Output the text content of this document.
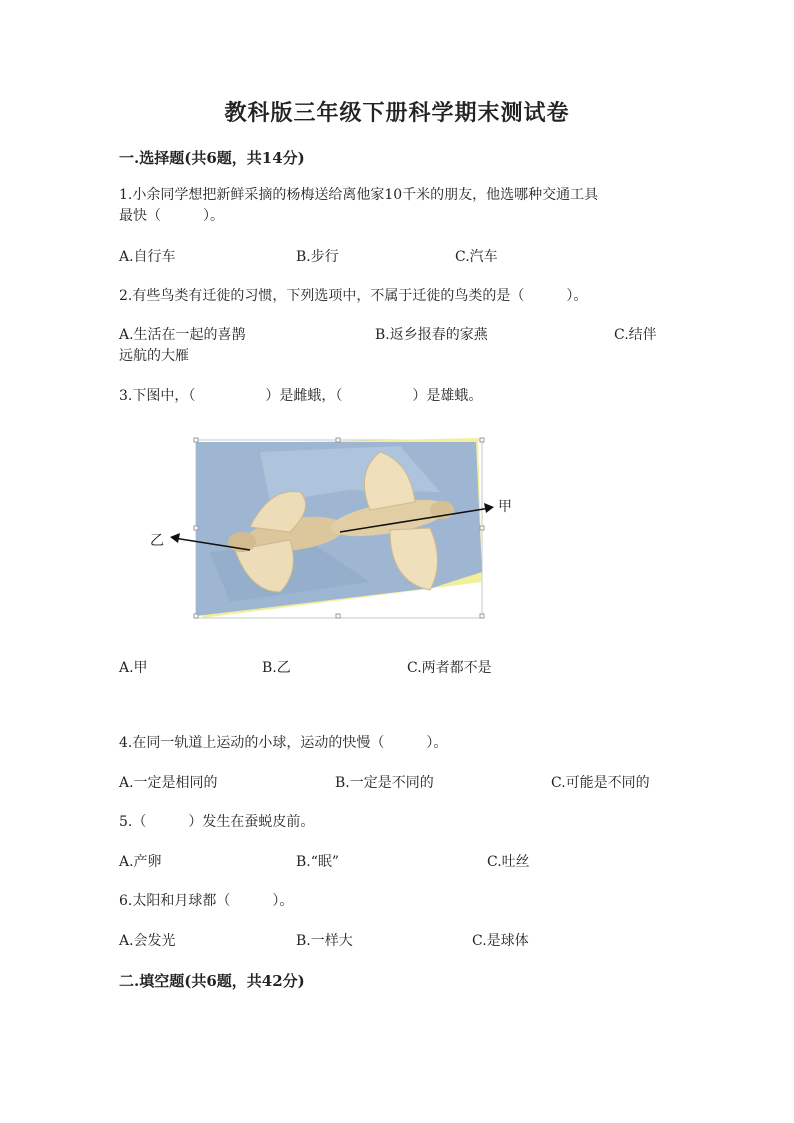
教科版三年级下册科学期末测试卷
一.选择题(共6题，共14分)

1.小余同学想把新鲜采摘的杨梅送给离他家10千米的朋友，他选哪种交通工具

最快（　　　）。

A.自行车	B.步行	C.汽车

2.有些鸟类有迁徙的习惯，下列选项中，不属于迁徙的鸟类的是（　　　）。

A.生活在一起的喜鹊	B.返乡报春的家燕	C.结伴
远航的大雁

3.下图中，（　　　　　）是雌蛾，（　　　　　）是雄蛾。

甲
乙
A.甲	B.乙	C.两者都不是

4.在同一轨道上运动的小球，运动的快慢（　　　）。

A.一定是相同的	B.一定是不同的	C.可能是不同的

5.（　　　）发生在蚕蜕皮前。

A.产卵	B.“眠”	C.吐丝

6.太阳和月球都（　　　）。

A.会发光	B.一样大	C.是球体
二.填空题(共6题，共42分)
